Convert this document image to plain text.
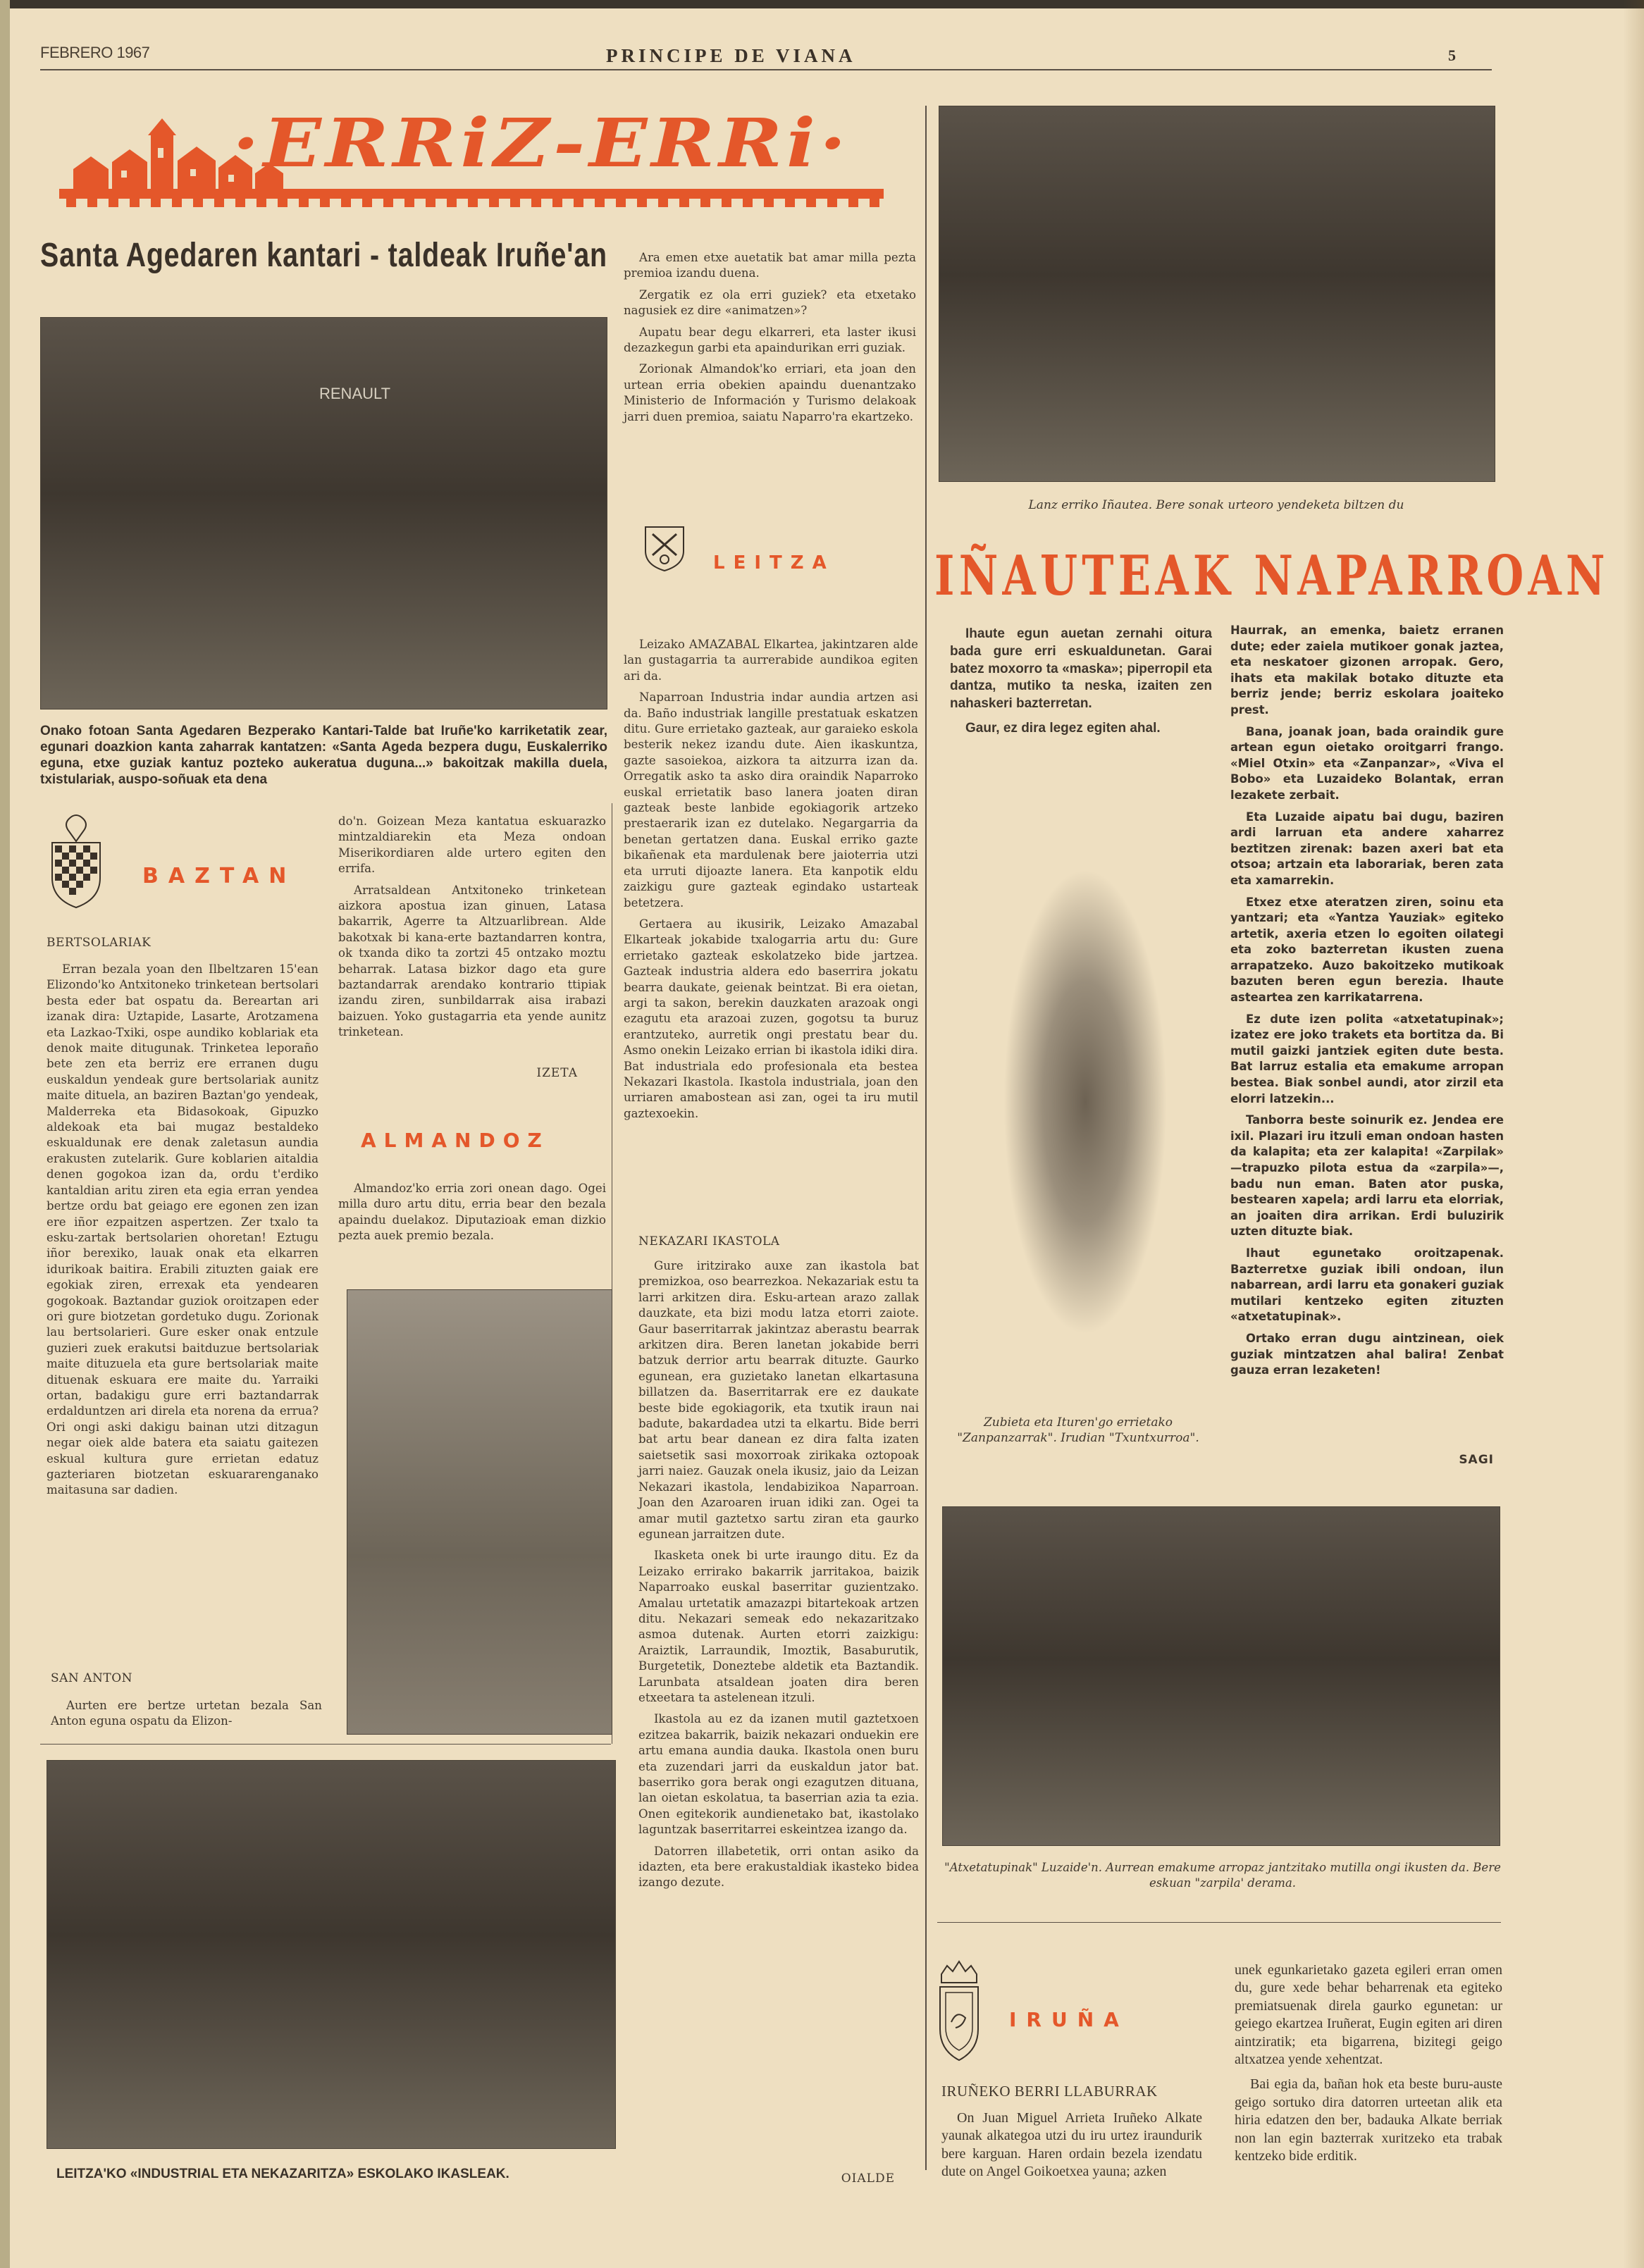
FEBRERO 1967	PRINCIPE DE VIANA	5
·ERRiZ-ERRi·
Santa Agedaren kantari - taldeak Iruñe'an
RENAULT
Onako fotoan Santa Agedaren Bezperako Kantari-Talde bat Iruñe'ko karriketatik zear, egunari doazkion kanta zaharrak kantatzen: «Santa Ageda bezpera dugu, Euskalerriko eguna, etxe guziak kantuz pozteko aukeratua duguna...» bakoitzak makilla duela, txistulariak, auspo-soñuak eta dena

Ara emen etxe auetatik bat amar milla pezta premioa izandu duena.

Zergatik ez ola erri guziek? eta etxetako nagusiek ez dire «animatzen»?

Aupatu bear degu elkarreri, eta laster ikusi dezazkegun garbi eta apaindurikan erri guziak.

Zorionak Almandok'ko erriari, eta joan den urtean erria obekien apaindu duenantzako Ministerio de Información y Turismo delakoak jarri duen premioa, saiatu Naparro'ra ekartzeko.

BAZTAN
BERTSOLARIAK

Erran bezala yoan den Ilbeltzaren 15'ean Elizondo'ko Antxitoneko trinketean bertsolari besta eder bat ospatu da. Bereartan ari izanak dira: Uztapide, Lasarte, Arotzamena eta Lazkao-Txiki, ospe aundiko koblariak eta denok maite ditugunak. Trinketea leporaño bete zen eta berriz ere erranen dugu euskaldun yendeak gure bertsolariak aunitz maite dituela, an baziren Baztan'go yendeak, Malderreka eta Bidasokoak, Gipuzko aldekoak eta bai mugaz bestaldeko eskualdunak ere denak zaletasun aundia erakusten zutelarik. Gure koblarien aitaldia denen gogokoa izan da, ordu t'erdiko kantaldian aritu ziren eta egia erran yendea bertze ordu bat geiago ere egonen zen izan ere iñor ezpaitzen aspertzen. Zer txalo ta esku-zartak bertsolarien ohoretan! Eztugu iñor berexiko, lauak onak eta elkarren idurikoak baitira. Erabili zituzten gaiak ere egokiak ziren, errexak eta yendearen gogokoak. Baztandar guziok oroitzapen eder ori gure biotzetan gordetuko dugu. Zorionak lau bertsolarieri. Gure esker onak entzule guzieri zuek erakutsi baitduzue bertsolariak maite dituzuela eta gure bertsolariak maite dituenak eskuara ere maite du. Yarraiki ortan, badakigu gure erri baztandarrak erdalduntzen ari direla eta norena da errua? Ori ongi aski dakigu bainan utzi ditzagun negar oiek alde batera eta saiatu gaitezen eskual kultura gure errietan edatuz gazteriaren biotzetan eskuararenganako maitasuna sar dadien.

SAN ANTON

Aurten ere bertze urtetan bezala San Anton eguna ospatu da Elizon-

do'n. Goizean Meza kantatua eskuarazko mintzaldiarekin eta Meza ondoan Miserikordiaren alde urtero egiten den errifa.

Arratsaldean Antxitoneko trinketean aizkora apostua izan ginuen, Latasa bakarrik, Agerre ta Altzuarlibrean. Alde bakotxak bi kana-erte baztandarren kontra, ok txanda diko ta zortzi 45 ontzako moztu beharrak. Latasa bizkor dago eta gure baztandarrak arendako kontrario ttipiak izandu ziren, sunbildarrak aisa irabazi baizuen. Yoko gustagarria eta yende aunitz trinketean.

IZETA
ALMANDOZ

Almandoz'ko erria zori onean dago. Ogei milla duro artu ditu, erria bear den bezala apaindu duelakoz. Diputazioak eman dizkio pezta auek premio bezala.

LEITZA

Leizako AMAZABAL Elkartea, jakintzaren alde lan gustagarria ta aurrerabide aundikoa egiten ari da.

Naparroan Industria indar aundia artzen asi da. Baño industriak langille prestatuak eskatzen ditu. Gure errietako gazteak, aur garaieko eskola besterik nekez izandu dute. Aien ikaskuntza, gazte sasoiekoa, aizkora ta aitzurra izan da. Orregatik asko ta asko dira oraindik Naparroko euskal errietatik baso lanera joaten diran gazteak beste lanbide egokiagorik artzeko prestaerarik izan ez dutelako. Negargarria da benetan gertatzen dana. Euskal erriko gazte bikañenak eta mardulenak bere jaioterria utzi eta urruti dijoazte lanera. Eta kanpotik eldu zaizkigu gure gazteak egindako ustarteak betetzera.

Gertaera au ikusirik, Leizako Amazabal Elkarteak jokabide txalogarria artu du: Gure errietako gazteak eskolatzeko bide jartzea. Gazteak industria aldera edo baserrira jokatu bearra daukate, geienak beintzat. Bi era oietan, argi ta sakon, berekin dauzkaten arazoak ongi ezagutu eta arazoai zuzen, gogotsu ta buruz erantzuteko, aurretik ongi prestatu bear du. Asmo onekin Leizako errian bi ikastola idiki dira. Bat industriala edo profesionala eta bestea Nekazari Ikastola. Ikastola industriala, joan den urriaren amabostean asi zan, ogei ta iru mutil gaztexoekin.

NEKAZARI IKASTOLA

Gure iritzirako auxe zan ikastola bat premizkoa, oso bearrezkoa. Nekazariak estu ta larri arkitzen dira. Esku-artean arazo zallak dauzkate, eta bizi modu latza etorri zaiote. Gaur baserritarrak jakintzaz aberastu bearrak arkitzen dira. Beren lanetan jokabide berri batzuk derrior artu bearrak dituzte. Gaurko egunean, era guzietako lanetan elkartasuna billatzen da. Baserritarrak ere ez daukate beste bide egokiagorik, eta txutik iraun nai badute, bakardadea utzi ta elkartu. Bide berri bat artu bear danean ez dira falta izaten saietsetik sasi moxorroak zirikaka oztopoak jarri naiez. Gauzak onela ikusiz, jaio da Leizan Nekazari ikastola, lendabizikoa Naparroan. Joan den Azaroaren iruan idiki zan. Ogei ta amar mutil gaztetxo sartu ziran eta gaurko egunean jarraitzen dute.

Ikasketa onek bi urte iraungo ditu. Ez da Leizako errirako bakarrik jarritakoa, baizik Naparroako euskal baserritar guzientzako. Amalau urtetatik amazazpi bitartekoak artzen ditu. Nekazari semeak edo nekazaritzako asmoa dutenak. Aurten etorri zaizkigu: Araiztik, Larraundik, Imoztik, Basaburutik, Burgetetik, Doneztebe aldetik eta Baztandik. Larunbata atsaldean joaten dira beren etxeetara ta astelenean itzuli.

Ikastola au ez da izanen mutil gaztetxoen ezitzea bakarrik, baizik nekazari onduekin ere artu emana aundia dauka. Ikastola onen buru eta zuzendari jarri da euskaldun jator bat. baserriko gora berak ongi ezagutzen dituana, lan oietan eskolatua, ta baserrian azia ta ezia. Onen egitekorik aundienetako bat, ikastolako laguntzak baserritarrei eskeintzea izango da.

Datorren illabetetik, orri ontan asiko da idazten, eta bere erakustaldiak ikasteko bidea izango dezute.

OIALDE
LEITZA'KO «INDUSTRIAL ETA NEKAZARITZA» ESKOLAKO IKASLEAK.
Lanz erriko Iñautea. Bere sonak urteoro yendeketa biltzen du
IÑAUTEAK NAPARROAN

Ihaute egun auetan zernahi oitura bada gure erri eskualdunetan. Garai batez moxorro ta «maska»; piperropil eta dantza, mutiko ta neska, izaiten zen nahaskeri bazterretan.

Gaur, ez dira legez egiten ahal.

Zubieta eta Ituren'go errietako "Zanpanzarrak". Irudian "Txuntxurroa".

Haurrak, an emenka, baietz erranen dute; eder zaiela mutikoer gonak jaztea, eta neskatoer gizonen arropak. Gero, ihats eta makilak botako dituzte eta berriz jende; berriz eskolara joaiteko prest.

Bana, joanak joan, bada oraindik gure artean egun oietako oroitgarri frango. «Miel Otxin» eta «Zanpanzar», «Viva el Bobo» eta Luzaideko Bolantak, erran lezakete zerbait.

Eta Luzaide aipatu bai dugu, baziren ardi larruan eta andere xaharrez beztitzen zirenak: bazen axeri bat eta otsoa; artzain eta laborariak, beren zata eta xamarrekin.

Etxez etxe ateratzen ziren, soinu eta yantzari; eta «Yantza Yauziak» egiteko artetik, axeria etzen lo egoiten oilategi eta zoko bazterretan ikusten zuena arrapatzeko. Auzo bakoitzeko mutikoak bazuten beren egun berezia. Ihaute asteartea zen karrikatarrena.

Ez dute izen polita «atxetatupinak»; izatez ere joko trakets eta bortitza da. Bi mutil gaizki jantziek egiten dute besta. Bat larruz estalia eta emakume arropan bestea. Biak sonbel aundi, ator zirzil eta elorri latzekin...

Tanborra beste soinurik ez. Jendea ere ixil. Plazari iru itzuli eman ondoan hasten da kalapita; eta zer kalapita! «Zarpilak» —trapuzko pilota estua da «zarpila»—, badu nun eman. Baten ator puska, bestearen xapela; ardi larru eta elorriak, an joaiten dira arrikan. Erdi buluzirik uzten dituzte biak.

Ihaut egunetako oroitzapenak. Bazterretxe guziak ibili ondoan, ilun nabarrean, ardi larru eta gonakeri guziak mutilari kentzeko egiten zituzten «atxetatupinak».

Ortako erran dugu aintzinean, oiek guziak mintzatzen ahal balira! Zenbat gauza erran lezaketen!

SAGI
"Atxetatupinak" Luzaide'n. Aurrean emakume arropaz jantzitako mutilla ongi ikusten da. Bere eskuan "zarpila' derama.
IRUÑA
IRUÑEKO BERRI LLABURRAK

On Juan Miguel Arrieta Iruñeko Alkate yaunak alkategoa utzi du iru urtez iraundurik bere karguan. Haren ordain bezela izendatu dute on Angel Goikoetxea yauna; azken

unek egunkarietako gazeta egileri erran omen du, gure xede behar beharrenak eta egiteko premiatsuenak direla gaurko egunetan: ur geiego ekartzea Iruñerat, Eugin egiten ari diren aintziratik; eta bigarrena, bizitegi geigo altxatzea yende xehentzat.

Bai egia da, bañan hok eta beste buru-auste geigo sortuko dira datorren urteetan alik eta hiria edatzen den ber, badauka Alkate berriak non lan egin bazterrak xuritzeko eta trabak kentzeko bide erditik.
